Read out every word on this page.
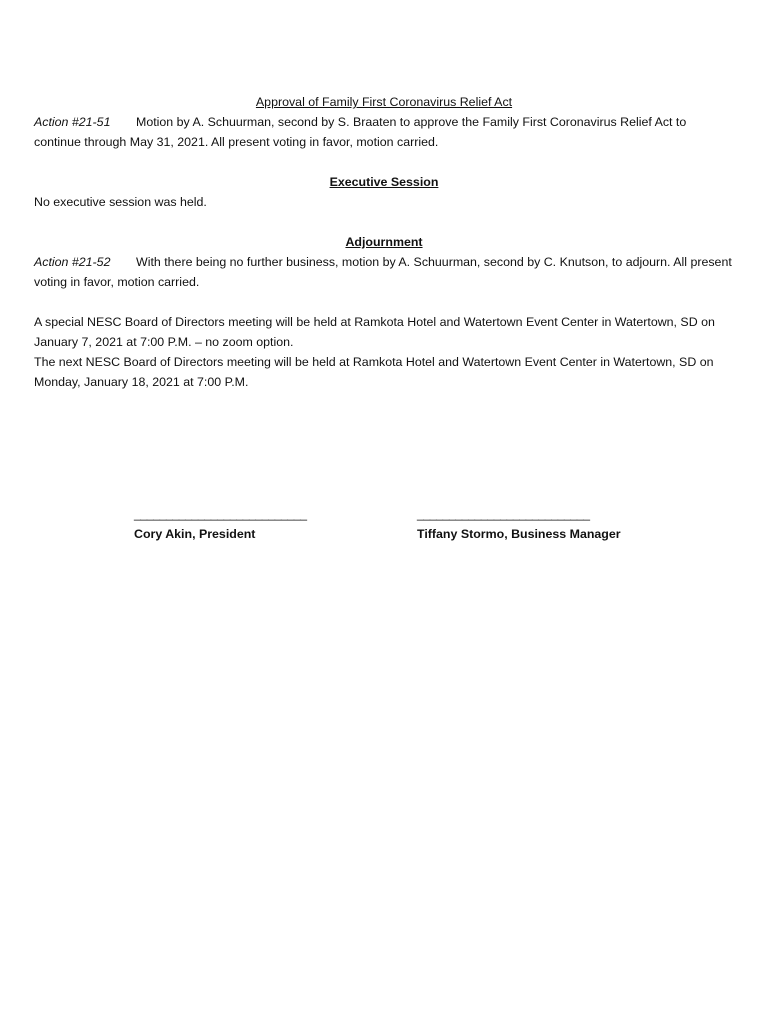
Approval of Family First Coronavirus Relief Act

Action #21-51 Motion by A. Schuurman, second by S. Braaten to approve the Family First Coronavirus Relief Act to continue through May 31, 2021. All present voting in favor, motion carried.

Executive Session

No executive session was held.

Adjournment

Action #21-52 With there being no further business, motion by A. Schuurman, second by C. Knutson, to adjourn. All present voting in favor, motion carried.

A special NESC Board of Directors meeting will be held at Ramkota Hotel and Watertown Event Center in Watertown, SD on January 7, 2021 at 7:00 P.M. – no zoom option.

The next NESC Board of Directors meeting will be held at Ramkota Hotel and Watertown Event Center in Watertown, SD on Monday, January 18, 2021 at 7:00 P.M.

___________________________
Cory Akin, President
___________________________
Tiffany Stormo, Business Manager
